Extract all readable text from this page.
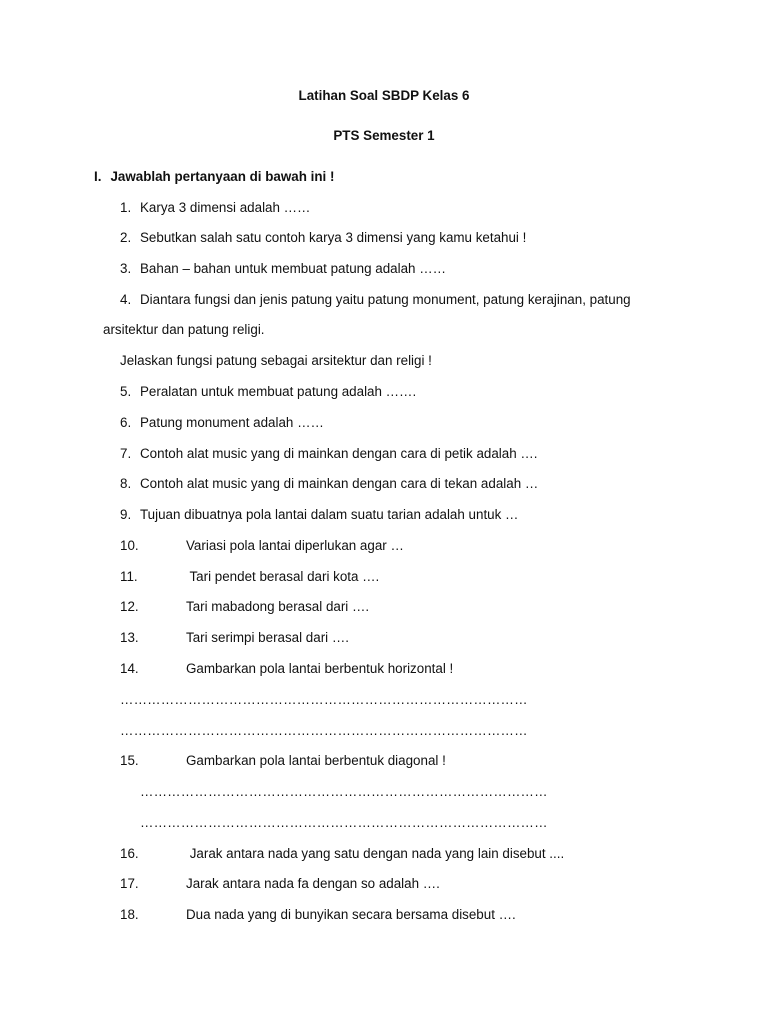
Latihan Soal SBDP Kelas 6
PTS Semester 1
I. Jawablah pertanyaan di bawah ini !
1. Karya 3 dimensi adalah ……
2. Sebutkan salah satu contoh karya 3 dimensi yang kamu ketahui !
3. Bahan – bahan untuk membuat patung adalah ……
4. Diantara fungsi dan jenis patung yaitu patung monument, patung kerajinan, patung
arsitektur dan patung religi.
Jelaskan fungsi patung sebagai arsitektur dan religi !
5. Peralatan untuk membuat patung adalah …….
6. Patung monument adalah ……
7. Contoh alat music yang di mainkan dengan cara di petik adalah ….
8. Contoh alat music yang di mainkan dengan cara di tekan adalah …
9. Tujuan dibuatnya pola lantai dalam suatu tarian adalah untuk …
10.	Variasi pola lantai diperlukan agar …
11.	Tari pendet berasal dari kota ….
12.	Tari mabadong berasal dari ….
13.	Tari serimpi berasal dari ….
14.	Gambarkan pola lantai berbentuk horizontal !
………………………………………………………………………………
………………………………………………………………………………
15.	Gambarkan pola lantai berbentuk diagonal !
………………………………………………………………………………
………………………………………………………………………………
16.	Jarak antara nada yang satu dengan nada yang lain disebut ....
17.	Jarak antara nada fa dengan so adalah ….
18.	Dua nada yang di bunyikan secara bersama disebut ….
